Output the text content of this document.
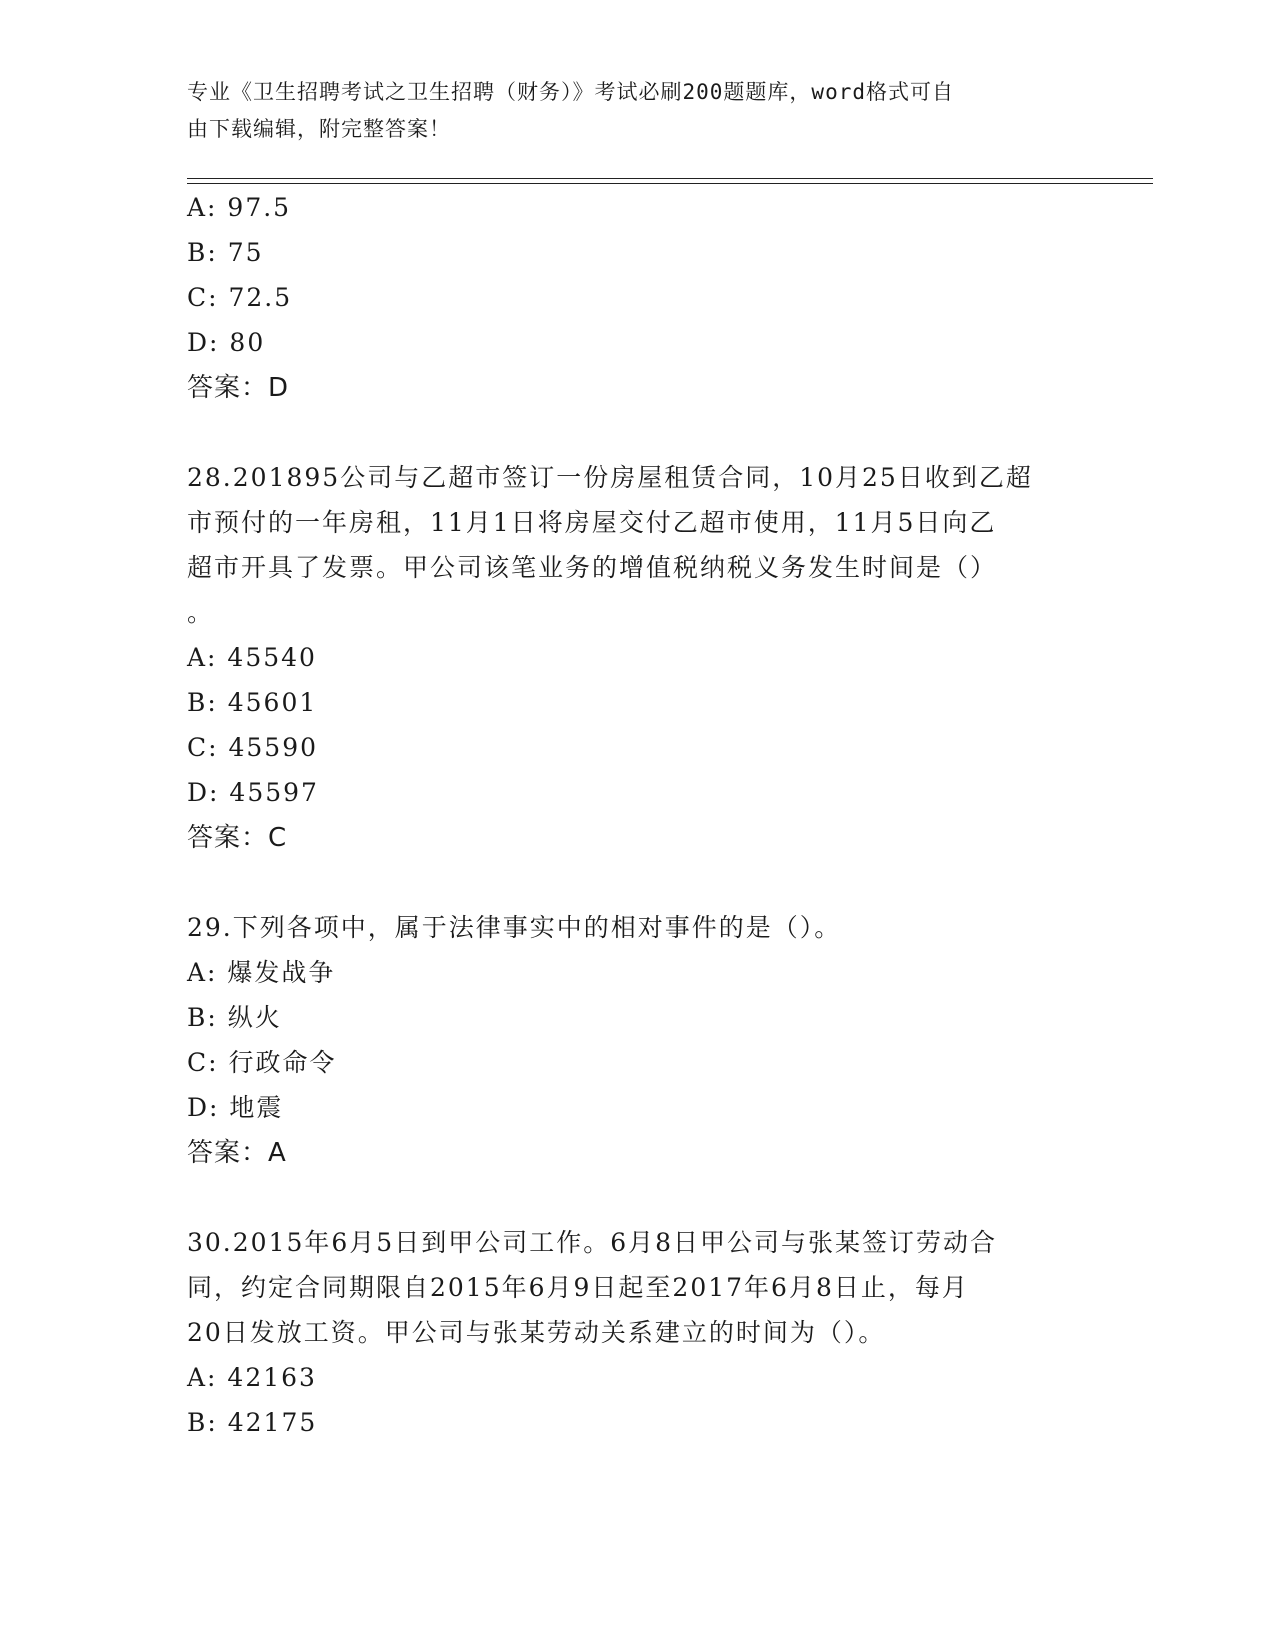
专业《卫生招聘考试之卫生招聘（财务）》考试必刷200题题库，word格式可自
由下载编辑，附完整答案！
A: 97.5
B: 75
C: 72.5
D: 80
答案：D
28.201895公司与乙超市签订一份房屋租赁合同，10月25日收到乙超
市预付的一年房租，11月1日将房屋交付乙超市使用，11月5日向乙
超市开具了发票。甲公司该笔业务的增值税纳税义务发生时间是（）
。
A: 45540
B: 45601
C: 45590
D: 45597
答案：C
29.下列各项中，属于法律事实中的相对事件的是（）。
A: 爆发战争
B: 纵火
C: 行政命令
D: 地震
答案：A
30.2015年6月5日到甲公司工作。6月8日甲公司与张某签订劳动合
同，约定合同期限自2015年6月9日起至2017年6月8日止，每月
20日发放工资。甲公司与张某劳动关系建立的时间为（）。
A: 42163
B: 42175
